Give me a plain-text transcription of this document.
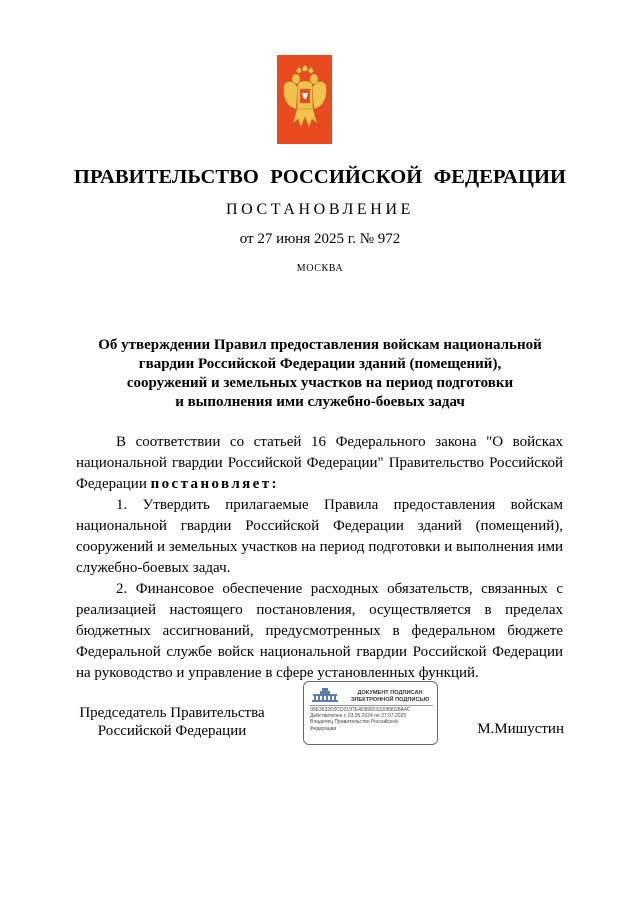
ПРАВИТЕЛЬСТВО РОССИЙСКОЙ ФЕДЕРАЦИИ
ПОСТАНОВЛЕНИЕ
от 27 июня 2025 г. № 972
МОСКВА
Об утверждении Правил предоставления войскам национальной
гвардии Российской Федерации зданий (помещений),
сооружений и земельных участков на период подготовки
и выполнения ими служебно-боевых задач

В соответствии со статьей 16 Федерального закона "О войсках национальной гвардии Российской Федерации" Правительство Российской Федерации постановляет:

1. Утвердить прилагаемые Правила предоставления войскам национальной гвардии Российской Федерации зданий (помещений), сооружений и земельных участков на период подготовки и выполнения ими служебно-боевых задач.

2. Финансовое обеспечение расходных обязательств, связанных с реализацией настоящего постановления, осуществляется в пределах бюджетных ассигнований, предусмотренных в федеральном бюджете Федеральной службе войск национальной гвардии Российской Федерации на руководство и управление в сфере установленных функций.

Председатель Правительства
Российской Федерации
ДОКУМЕНТ ПОДПИСАН
ЭЛЕКТРОННОЙ ПОДПИСЬЮ
00E3632D0CD2197E4D8992103089028A4C
Действителен с 03.05.2024 по 27.07.2025
Владелец Правительство Российской
Федерации	М.Мишустин
